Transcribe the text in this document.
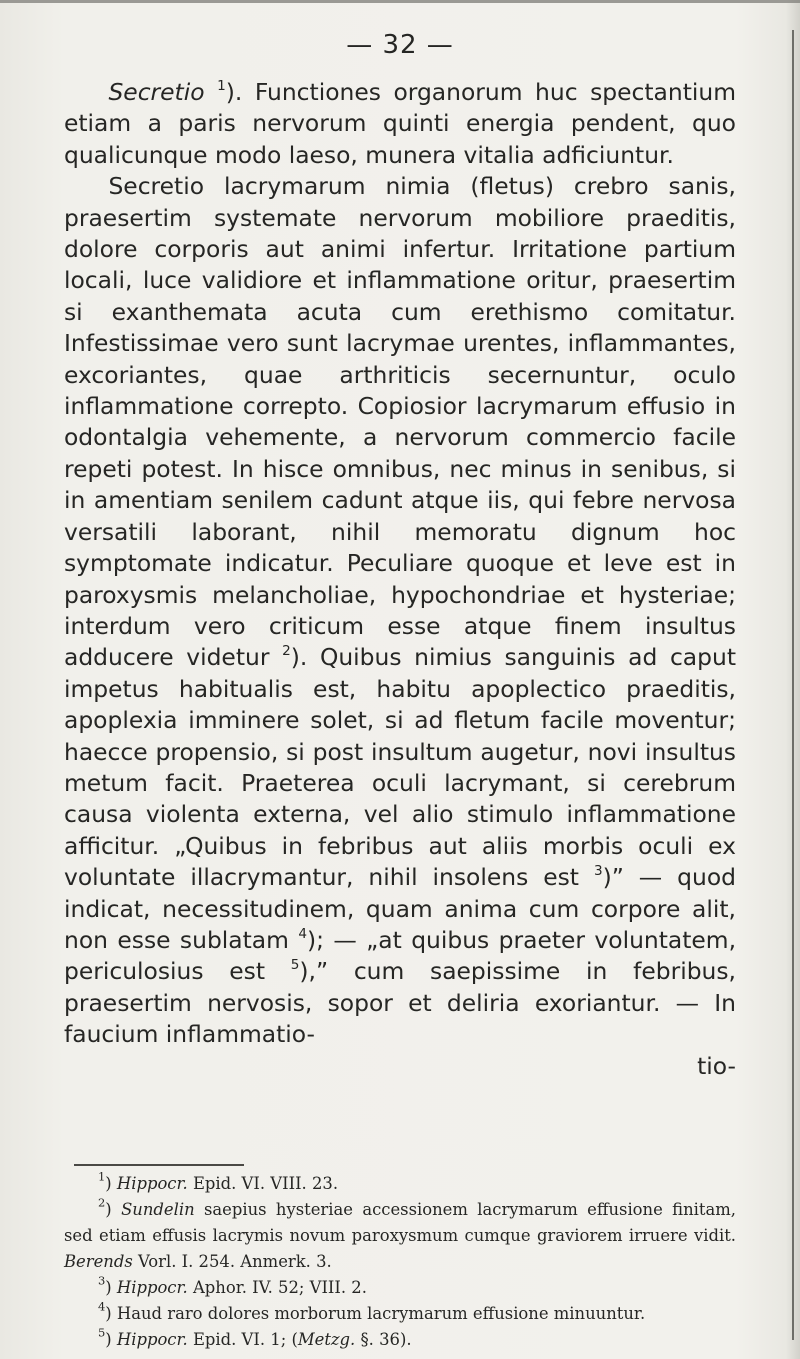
— 32 —

Secretio $^1$). Functiones organorum huc spectantium etiam a paris nervorum quinti energia pendent, quo qualicunque modo laeso, munera vitalia adficiuntur.

Secretio lacrymarum nimia (fletus) crebro sanis, praesertim systemate nervorum mobiliore praeditis, dolore corporis aut animi infertur. Irritatione partium locali, luce validiore et inflammatione oritur, praesertim si exanthemata acuta cum erethismo comitatur. Infestissimae vero sunt lacrymae urentes, inflammantes, excoriantes, quae arthriticis secernuntur, oculo inflammatione correpto. Copiosior lacrymarum effusio in odontalgia vehemente, a nervorum commercio facile repeti potest. In hisce omnibus, nec minus in senibus, si in amentiam senilem cadunt atque iis, qui febre nervosa versatili laborant, nihil memoratu dignum hoc symptomate indicatur. Peculiare quoque et leve est in paroxysmis melancholiae, hypochondriae et hysteriae; interdum vero criticum esse atque finem insultus adducere videtur $^2$). Quibus nimius sanguinis ad caput impetus habitualis est, habitu apoplectico praeditis, apoplexia imminere solet, si ad fletum facile moventur; haecce propensio, si post insultum augetur, novi insultus metum facit. Praeterea oculi lacrymant, si cerebrum causa violenta externa, vel alio stimulo inflammatione afficitur. „Quibus in febribus aut aliis morbis oculi ex voluntate illacrymantur, nihil insolens est $^3$)” — quod indicat, necessitudinem, quam anima cum corpore alit, non esse sublatam $^4$); — „at quibus praeter voluntatem, periculosius est $^5$),” cum saepissime in febribus, praesertim nervosis, sopor et deliria exoriantur. — In faucium inflammatio-

tio-

$^1$) Hippocr. Epid. VI. VIII. 23.

$^2$) Sundelin saepius hysteriae accessionem lacrymarum effusione finitam, sed etiam effusis lacrymis novum paroxysmum cumque graviorem irruere vidit. Berends Vorl. I. 254. Anmerk. 3.

$^3$) Hippocr. Aphor. IV. 52; VIII. 2.

$^4$) Haud raro dolores morborum lacrymarum effusione minuuntur.

$^5$) Hippocr. Epid. VI. 1; (Metzg. §. 36).
